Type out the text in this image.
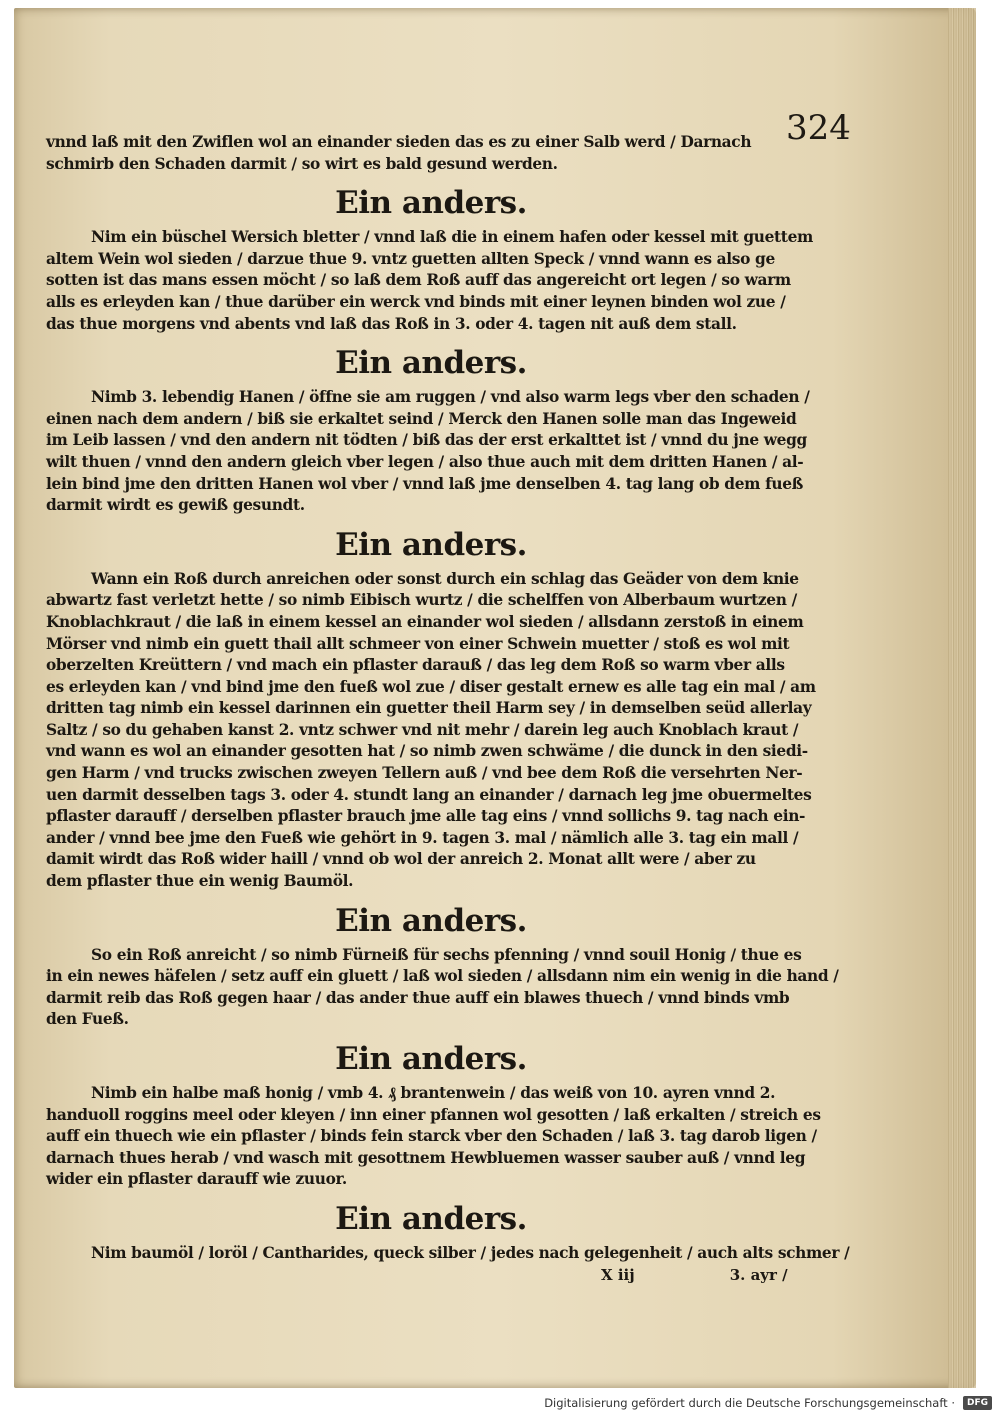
324
vnnd laß mit den Zwiflen wol an einander sieden das es zu einer Salb werd / Darnach
schmirb den Schaden darmit / so wirt es bald gesund werden.
Ein anders.
Nim ein büschel Wersich bletter / vnnd laß die in einem hafen oder kessel mit guettem
altem Wein wol sieden / darzue thue 9. vntz guetten allten Speck / vnnd wann es also ge
sotten ist das mans essen möcht / so laß dem Roß auff das angereicht ort legen / so warm
alls es erleyden kan / thue darüber ein werck vnd binds mit einer leynen binden wol zue /
das thue morgens vnd abents vnd laß das Roß in 3. oder 4. tagen nit auß dem stall.
Ein anders.
Nimb 3. lebendig Hanen / öffne sie am ruggen / vnd also warm legs vber den schaden /
einen nach dem andern / biß sie erkaltet seind / Merck den Hanen solle man das Ingeweid
im Leib lassen / vnd den andern nit tödten / biß das der erst erkalttet ist / vnnd du jne wegg
wilt thuen / vnnd den andern gleich vber legen / also thue auch mit dem dritten Hanen / al-
lein bind jme den dritten Hanen wol vber / vnnd laß jme denselben 4. tag lang ob dem fueß
darmit wirdt es gewiß gesundt.
Ein anders.
Wann ein Roß durch anreichen oder sonst durch ein schlag das Geäder von dem knie
abwartz fast verletzt hette / so nimb Eibisch wurtz / die schelffen von Alberbaum wurtzen /
Knoblachkraut / die laß in einem kessel an einander wol sieden / allsdann zerstoß in einem
Mörser vnd nimb ein guett thail allt schmeer von einer Schwein muetter / stoß es wol mit
oberzelten Kreüttern / vnd mach ein pflaster darauß / das leg dem Roß so warm vber alls
es erleyden kan / vnd bind jme den fueß wol zue / diser gestalt ernew es alle tag ein mal / am
dritten tag nimb ein kessel darinnen ein guetter theil Harm sey / in demselben seüd allerlay
Saltz / so du gehaben kanst 2. vntz schwer vnd nit mehr / darein leg auch Knoblach kraut /
vnd wann es wol an einander gesotten hat / so nimb zwen schwäme / die dunck in den siedi-
gen Harm / vnd trucks zwischen zweyen Tellern auß / vnd bee dem Roß die versehrten Ner-
uen darmit desselben tags 3. oder 4. stundt lang an einander / darnach leg jme obuermeltes
pflaster darauff / derselben pflaster brauch jme alle tag eins / vnnd sollichs 9. tag nach ein-
ander / vnnd bee jme den Fueß wie gehört in 9. tagen 3. mal / nämlich alle 3. tag ein mall /
damit wirdt das Roß wider haill / vnnd ob wol der anreich 2. Monat allt were / aber zu
dem pflaster thue ein wenig Baumöl.
Ein anders.
So ein Roß anreicht / so nimb Fürneiß für sechs pfenning / vnnd souil Honig / thue es
in ein newes häfelen / setz auff ein gluett / laß wol sieden / allsdann nim ein wenig in die hand /
darmit reib das Roß gegen haar / das ander thue auff ein blawes thuech / vnnd binds vmb
den Fueß.
Ein anders.
Nimb ein halbe maß honig / vmb 4. ₰ brantenwein / das weiß von 10. ayren vnnd 2.
handuoll roggins meel oder kleyen / inn einer pfannen wol gesotten / laß erkalten / streich es
auff ein thuech wie ein pflaster / binds fein starck vber den Schaden / laß 3. tag darob ligen /
darnach thues herab / vnd wasch mit gesottnem Hewbluemen wasser sauber auß / vnnd leg
wider ein pflaster darauff wie zuuor.
Ein anders.
Nim baumöl / loröl / Cantharides, queck silber / jedes nach gelegenheit / auch alts schmer /
X iij	3. ayr /
Digitalisierung gefördert durch die Deutsche Forschungsgemeinschaft ·	DFG
